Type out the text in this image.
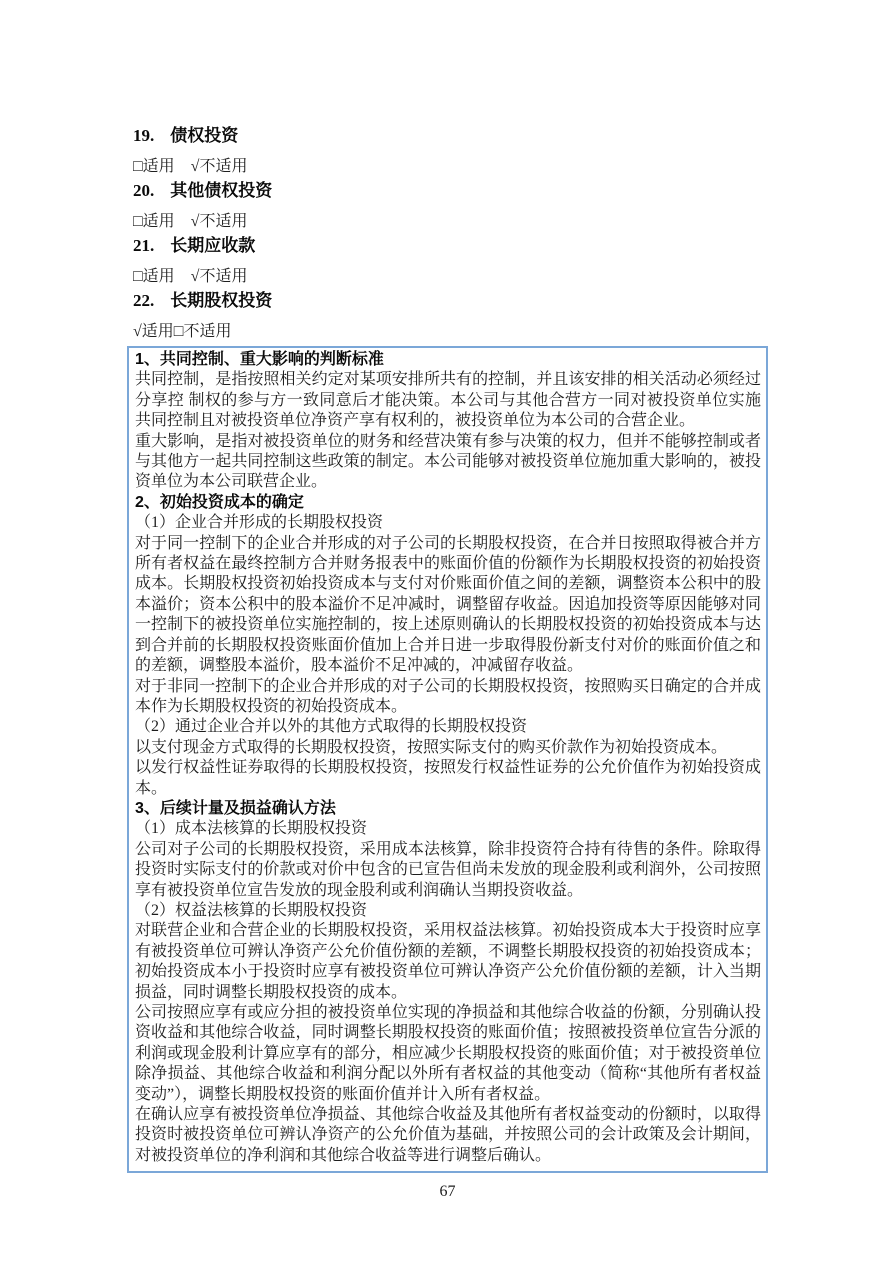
19. 债权投资
□适用　√不适用
20. 其他债权投资
□适用　√不适用
21. 长期应收款
□适用　√不适用
22. 长期股权投资
√适用□不适用

1、共同控制、重大影响的判断标准

共同控制，是指按照相关约定对某项安排所共有的控制，并且该安排的相关活动必须经过分享控 制权的参与方一致同意后才能决策。本公司与其他合营方一同对被投资单位实施共同控制且对被投资单位净资产享有权利的，被投资单位为本公司的合营企业。

重大影响，是指对被投资单位的财务和经营决策有参与决策的权力，但并不能够控制或者与其他方一起共同控制这些政策的制定。本公司能够对被投资单位施加重大影响的，被投资单位为本公司联营企业。

2、初始投资成本的确定

（1）企业合并形成的长期股权投资

对于同一控制下的企业合并形成的对子公司的长期股权投资，在合并日按照取得被合并方所有者权益在最终控制方合并财务报表中的账面价值的份额作为长期股权投资的初始投资成本。长期股权投资初始投资成本与支付对价账面价值之间的差额，调整资本公积中的股本溢价；资本公积中的股本溢价不足冲减时，调整留存收益。因追加投资等原因能够对同一控制下的被投资单位实施控制的，按上述原则确认的长期股权投资的初始投资成本与达到合并前的长期股权投资账面价值加上合并日进一步取得股份新支付对价的账面价值之和的差额，调整股本溢价，股本溢价不足冲减的，冲减留存收益。

对于非同一控制下的企业合并形成的对子公司的长期股权投资，按照购买日确定的合并成本作为长期股权投资的初始投资成本。

（2）通过企业合并以外的其他方式取得的长期股权投资

以支付现金方式取得的长期股权投资，按照实际支付的购买价款作为初始投资成本。

以发行权益性证券取得的长期股权投资，按照发行权益性证券的公允价值作为初始投资成本。

3、后续计量及损益确认方法

（1）成本法核算的长期股权投资

公司对子公司的长期股权投资，采用成本法核算，除非投资符合持有待售的条件。除取得投资时实际支付的价款或对价中包含的已宣告但尚未发放的现金股利或利润外，公司按照享有被投资单位宣告发放的现金股利或利润确认当期投资收益。

（2）权益法核算的长期股权投资

对联营企业和合营企业的长期股权投资，采用权益法核算。初始投资成本大于投资时应享有被投资单位可辨认净资产公允价值份额的差额，不调整长期股权投资的初始投资成本；初始投资成本小于投资时应享有被投资单位可辨认净资产公允价值份额的差额，计入当期损益，同时调整长期股权投资的成本。

公司按照应享有或应分担的被投资单位实现的净损益和其他综合收益的份额，分别确认投资收益和其他综合收益，同时调整长期股权投资的账面价值；按照被投资单位宣告分派的利润或现金股利计算应享有的部分，相应减少长期股权投资的账面价值；对于被投资单位除净损益、其他综合收益和利润分配以外所有者权益的其他变动（简称“其他所有者权益变动”），调整长期股权投资的账面价值并计入所有者权益。

在确认应享有被投资单位净损益、其他综合收益及其他所有者权益变动的份额时，以取得投资时被投资单位可辨认净资产的公允价值为基础，并按照公司的会计政策及会计期间，对被投资单位的净利润和其他综合收益等进行调整后确认。

67
